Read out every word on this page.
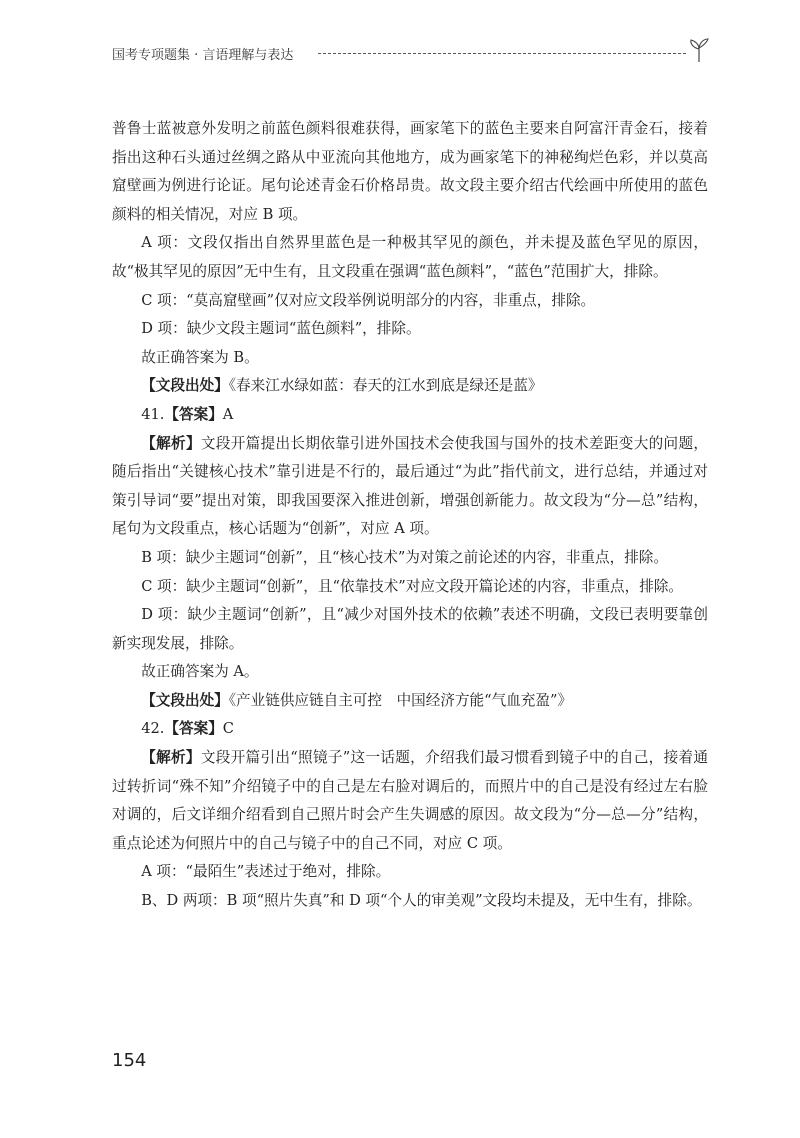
国考专项题集 · 言语理解与表达

普鲁士蓝被意外发明之前蓝色颜料很难获得，画家笔下的蓝色主要来自阿富汗青金石，接着指出这种石头通过丝绸之路从中亚流向其他地方，成为画家笔下的神秘绚烂色彩，并以莫高窟壁画为例进行论证。尾句论述青金石价格昂贵。故文段主要介绍古代绘画中所使用的蓝色颜料的相关情况，对应 B 项。

A 项：文段仅指出自然界里蓝色是一种极其罕见的颜色，并未提及蓝色罕见的原因，故“极其罕见的原因”无中生有，且文段重在强调“蓝色颜料”，“蓝色”范围扩大，排除。

C 项：“莫高窟壁画”仅对应文段举例说明部分的内容，非重点，排除。

D 项：缺少文段主题词“蓝色颜料”，排除。

故正确答案为 B。

【文段出处】《春来江水绿如蓝：春天的江水到底是绿还是蓝》

41.【答案】A

【解析】文段开篇提出长期依靠引进外国技术会使我国与国外的技术差距变大的问题，随后指出“关键核心技术”靠引进是不行的，最后通过“为此”指代前文，进行总结，并通过对策引导词“要”提出对策，即我国要深入推进创新，增强创新能力。故文段为“分—总”结构，尾句为文段重点，核心话题为“创新”，对应 A 项。

B 项：缺少主题词“创新”，且“核心技术”为对策之前论述的内容，非重点，排除。

C 项：缺少主题词“创新”，且“依靠技术”对应文段开篇论述的内容，非重点，排除。

D 项：缺少主题词“创新”，且“减少对国外技术的依赖”表述不明确，文段已表明要靠创新实现发展，排除。

故正确答案为 A。

【文段出处】《产业链供应链自主可控　中国经济方能“气血充盈”》

42.【答案】C

【解析】文段开篇引出“照镜子”这一话题，介绍我们最习惯看到镜子中的自己，接着通过转折词“殊不知”介绍镜子中的自己是左右脸对调后的，而照片中的自己是没有经过左右脸对调的，后文详细介绍看到自己照片时会产生失调感的原因。故文段为“分—总—分”结构，重点论述为何照片中的自己与镜子中的自己不同，对应 C 项。

A 项：“最陌生”表述过于绝对，排除。

B、D 两项：B 项“照片失真”和 D 项“个人的审美观”文段均未提及，无中生有，排除。

154
